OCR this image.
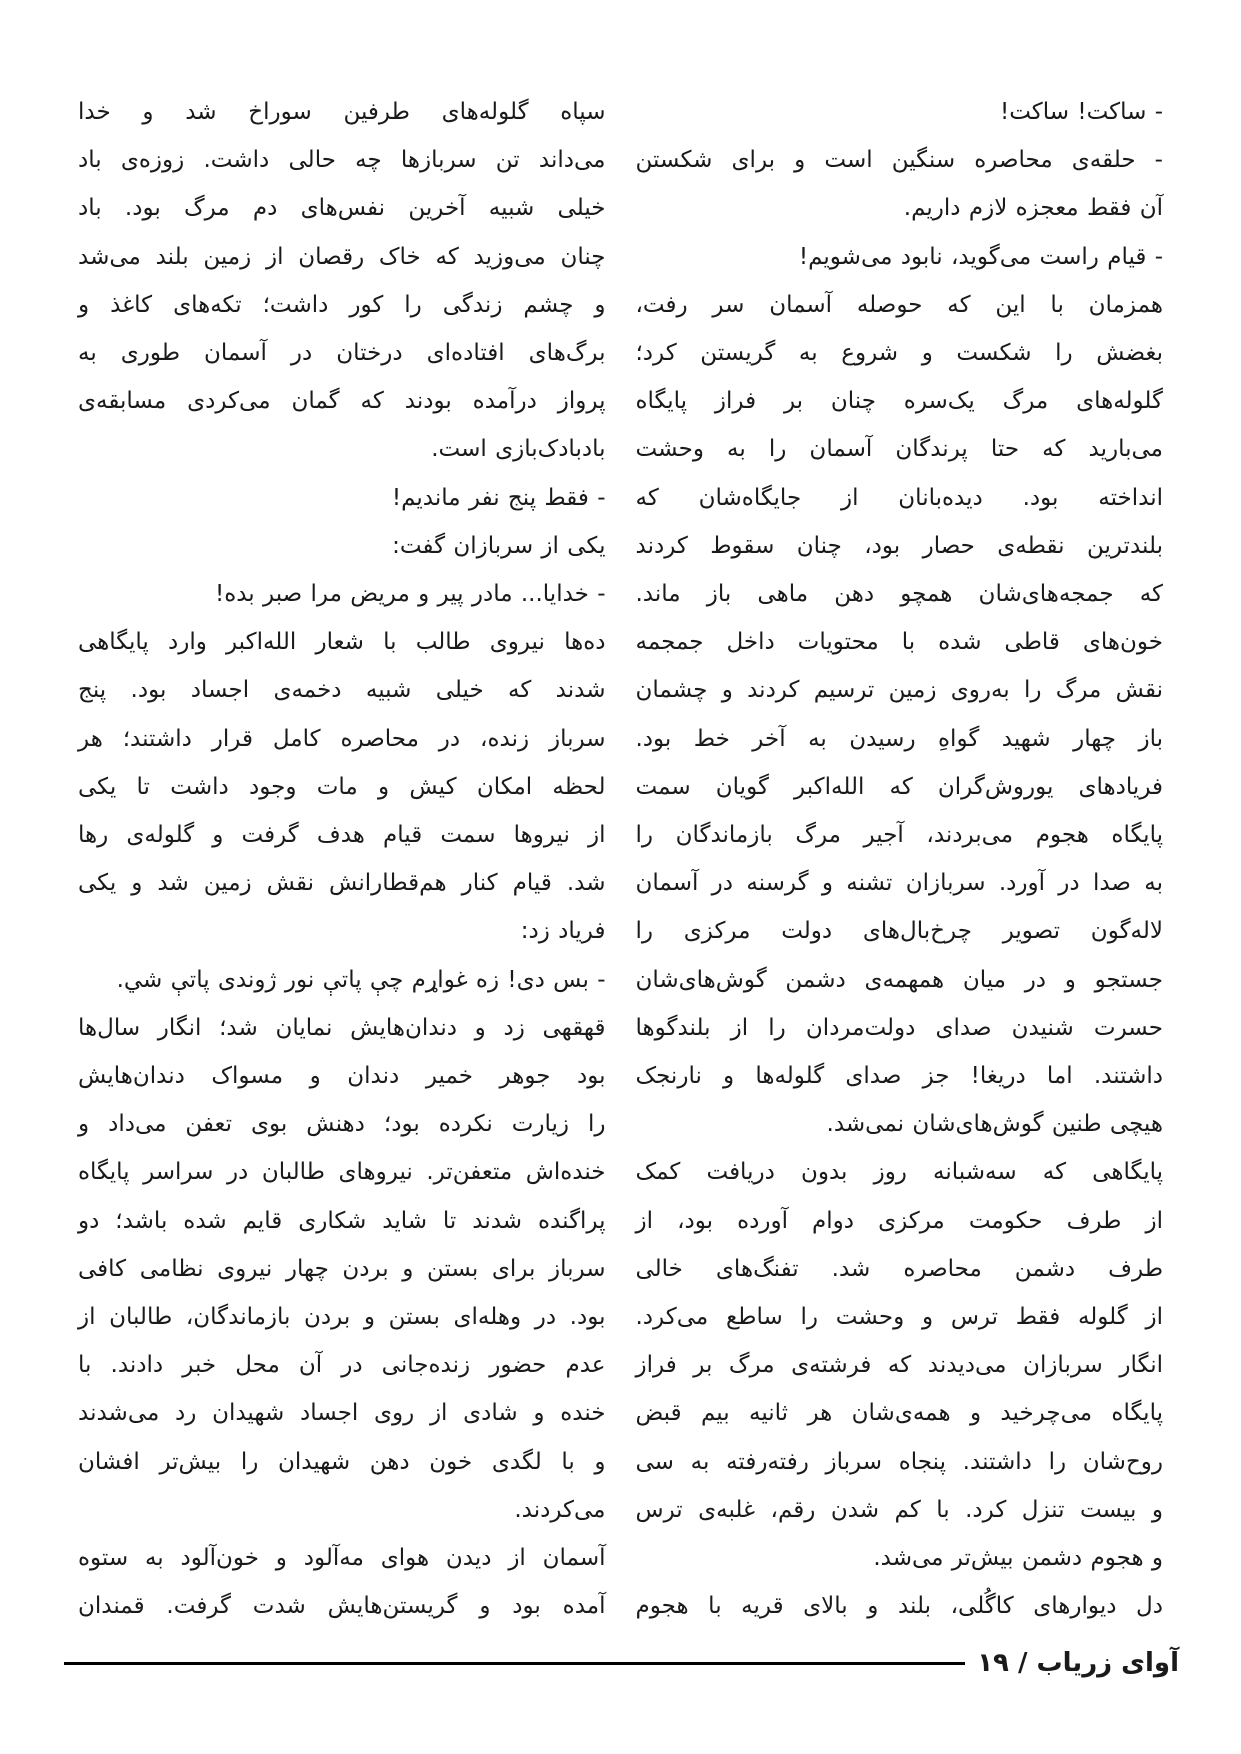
- ساکت! ساکت!
- حلقه‌ی محاصره سنگین است و برای شکستن
آن فقط معجزه لازم داریم.
- قیام راست می‌گوید، نابود می‌شویم!
همزمان با این که حوصله آسمان سر رفت،
بغضش را شکست و شروع به گریستن کرد؛
گلوله‌های مرگ یک‌سره چنان بر فراز پایگاه
می‌بارید که حتا پرندگان آسمان را به وحشت
انداخته بود. دیده‌بانان از جایگاه‌شان که
بلندترین نقطه‌ی حصار بود، چنان سقوط کردند
که جمجه‌های‌شان همچو دهن ماهی باز ماند.
خون‌های قاطی شده با محتویات داخل جمجمه
نقش مرگ را به‌روی زمین ترسیم کردند و چشمان
باز چهار شهید گواهِ رسیدن به آخر خط بود.
فریادهای یوروش‌گران که الله‌اکبر گویان سمت
پایگاه هجوم می‌بردند، آجیر مرگ بازماندگان را
به صدا در آورد. سربازان تشنه و گرسنه در آسمان
لاله‌گون تصویر چرخ‌بال‌های دولت مرکزی را
جستجو و در میان همهمه‌ی دشمن گوش‌های‌شان
حسرت شنیدن صدای دولت‌مردان را از بلندگوها
داشتند. اما دریغا! جز صدای گلوله‌ها و نارنجک
هیچی طنین گوش‌های‌شان نمی‌شد.
پایگاهی که سه‌شبانه روز بدون دریافت کمک
از طرف حکومت مرکزی دوام آورده بود، از
طرف دشمن محاصره شد. تفنگ‌های خالی
از گلوله فقط ترس و وحشت را ساطع می‌کرد.
انگار سربازان می‌دیدند که فرشته‌ی مرگ بر فراز
پایگاه می‌چرخید و همه‌ی‌شان هر ثانیه بیم قبض
روح‌شان را داشتند. پنجاه سرباز رفته‌رفته به سی
و بیست تنزل کرد. با کم شدن رقم، غلبه‌ی ترس
و هجوم دشمن بیش‌تر می‌شد.
دل دیوارهای کاگُلی، بلند و بالای قریه با هجوم
سپاه گلوله‌های طرفین سوراخ شد و خدا
می‌داند تن سربازها چه حالی داشت. زوزه‌ی باد
خیلی شبیه آخرین نفس‌های دم مرگ بود. باد
چنان می‌وزید که خاک رقصان از زمین بلند می‌شد
و چشم زندگی را کور داشت؛ تکه‌های کاغذ و
برگ‌های افتاده‌ای درختان در آسمان طوری به
پرواز درآمده بودند که گمان می‌کردی مسابقه‌ی
بادبادک‌بازی است.
- فقط پنج نفر ماندیم!
یکی از سربازان گفت:
- خدایا... مادر پیر و مریض مرا صبر بده!
ده‌ها نیروی طالب با شعار الله‌اکبر وارد پایگاهی
شدند که خیلی شبیه دخمه‌ی اجساد بود. پنج
سرباز زنده، در محاصره کامل قرار داشتند؛ هر
لحظه امکان کیش و مات وجود داشت تا یکی
از نیروها سمت قیام هدف گرفت و گلوله‌ی رها
شد. قیام کنار هم‌قطارانش نقش زمین شد و یکی
فریاد زد:
- بس دی! زه غواړم چې پاتې نور ژوندی پاتې شي.
قهقهی زد و دندان‌هایش نمایان شد؛ انگار سال‌ها
بود جوهر خمیر دندان و مسواک دندان‌هایش
را زیارت نکرده بود؛ دهنش بوی تعفن می‌داد و
خنده‌اش متعفن‌تر. نیروهای طالبان در سراسر پایگاه
پراگنده شدند تا شاید شکاری قایم شده باشد؛ دو
سرباز برای بستن و بردن چهار نیروی نظامی کافی
بود. در وهله‌ای بستن و بردن بازماندگان، طالبان از
عدم حضور زنده‌جانی در آن محل خبر دادند. با
خنده و شادی از روی اجساد شهیدان رد می‌شدند
و با لگدی خون دهن شهیدان را بیش‌تر افشان
می‌کردند.
آسمان از دیدن هوای مه‌آلود و خون‌آلود به ستوه
آمده بود و گریستن‌هایش شدت گرفت. قمندان
آوای زریاب / ۱۹
